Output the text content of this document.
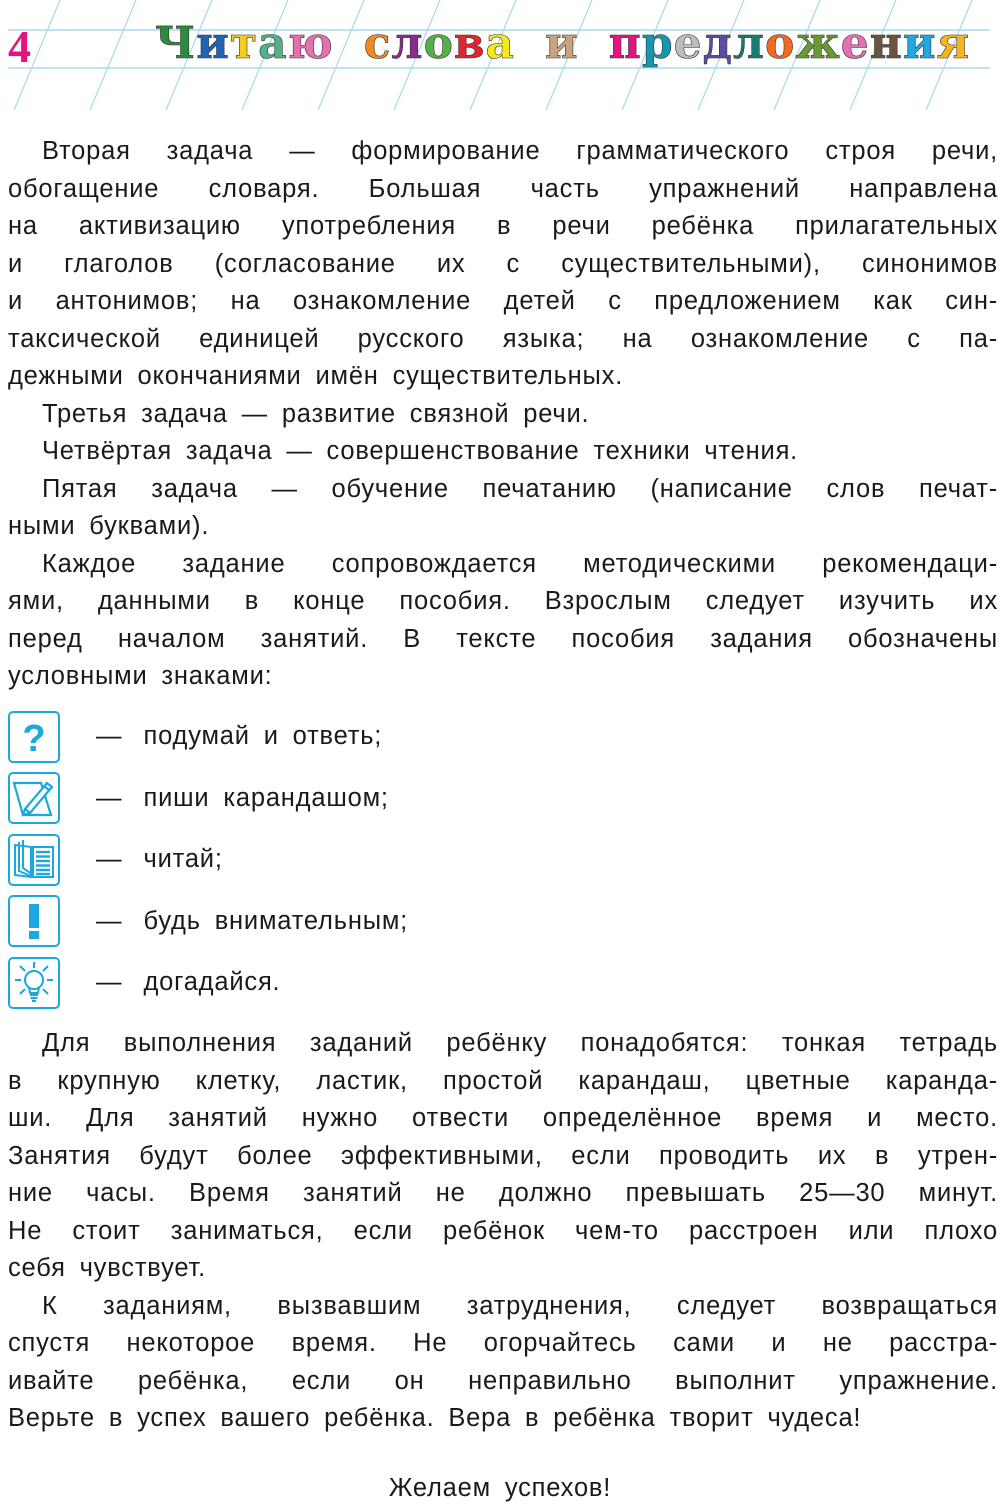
4	Читаю слова и предложения
Вторая задача — формирование грамматического строя речи,
обогащение словаря. Большая часть упражнений направлена
на активизацию употребления в речи ребёнка прилагательных
и глаголов (согласование их с существительными), синонимов
и антонимов; на ознакомление детей с предложением как син-
таксической единицей русского языка; на ознакомление с па-
дежными окончаниями имён существительных.
Третья задача — развитие связной речи.
Четвёртая задача — совершенствование техники чтения.
Пятая задача — обучение печатанию (написание слов печат-
ными буквами).
Каждое задание сопровождается методическими рекомендаци-
ями, данными в конце пособия. Взрослым следует изучить их
перед началом занятий. В тексте пособия задания обозначены
условными знаками:
? — подумай и ответь;
— пиши карандашом;
— читай;
— будь внимательным;
— догадайся.
Для выполнения заданий ребёнку понадобятся: тонкая тетрадь
в крупную клетку, ластик, простой карандаш, цветные каранда-
ши. Для занятий нужно отвести определённое время и место.
Занятия будут более эффективными, если проводить их в утрен-
ние часы. Время занятий не должно превышать 25—30 минут.
Не стоит заниматься, если ребёнок чем-то расстроен или плохо
себя чувствует.
К заданиям, вызвавшим затруднения, следует возвращаться
спустя некоторое время. Не огорчайтесь сами и не расстра-
ивайте ребёнка, если он неправильно выполнит упражнение.
Верьте в успех вашего ребёнка. Вера в ребёнка творит чудеса!
Желаем успехов!
